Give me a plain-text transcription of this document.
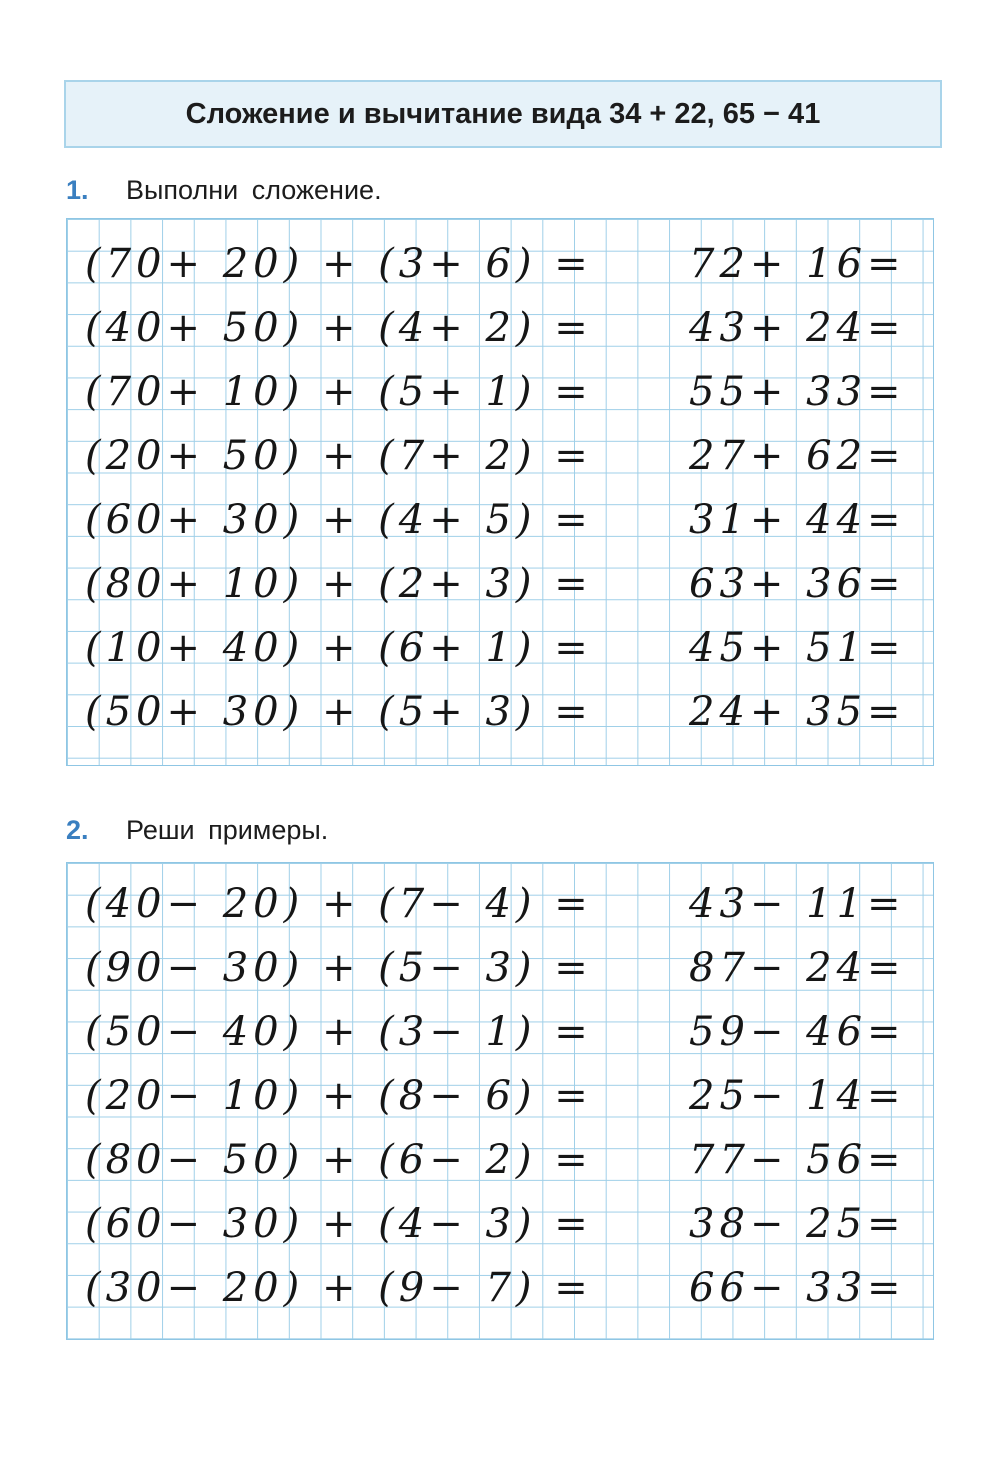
Сложение и вычитание вида 34 + 22, 65 − 41
1.	Выполни сложение.
(70+ 20) + (3+ 6) = 72+ 16=
(40+ 50) + (4+ 2) = 43+ 24=
(70+ 10) + (5+ 1) = 55+ 33=
(20+ 50) + (7+ 2) = 27+ 62=
(60+ 30) + (4+ 5) = 31+ 44=
(80+ 10) + (2+ 3) = 63+ 36=
(10+ 40) + (6+ 1) = 45+ 51=
(50+ 30) + (5+ 3) = 24+ 35=
2.	Реши примеры.
(40− 20) + (7− 4) = 43− 11=
(90− 30) + (5− 3) = 87− 24=
(50− 40) + (3− 1) = 59− 46=
(20− 10) + (8− 6) = 25− 14=
(80− 50) + (6− 2) = 77− 56=
(60− 30) + (4− 3) = 38− 25=
(30− 20) + (9− 7) = 66− 33=
